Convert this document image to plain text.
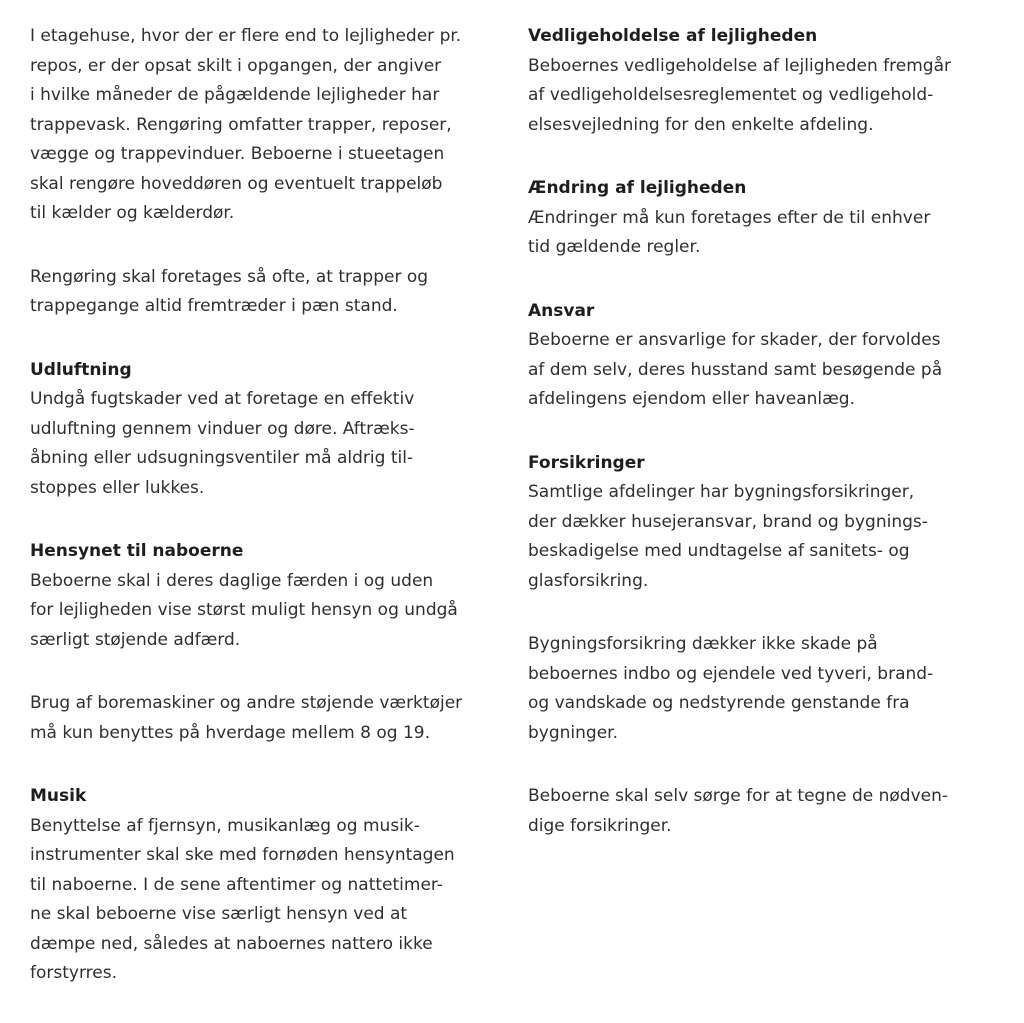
I etagehuse, hvor der er flere end to lejligheder pr.
repos, er der opsat skilt i opgangen, der angiver
i hvilke måneder de pågældende lejligheder har
trappevask. Rengøring omfatter trapper, reposer,
vægge og trappevinduer. Beboerne i stueetagen
skal rengøre hoveddøren og eventuelt trappeløb
til kælder og kælderdør.
Rengøring skal foretages så ofte, at trapper og
trappegange altid fremtræder i pæn stand.
Udluftning
Undgå fugtskader ved at foretage en effektiv
udluftning gennem vinduer og døre. Aftræks-
åbning eller udsugningsventiler må aldrig til-
stoppes eller lukkes.
Hensynet til naboerne
Beboerne skal i deres daglige færden i og uden
for lejligheden vise størst muligt hensyn og undgå
særligt støjende adfærd.
Brug af boremaskiner og andre støjende værktøjer
må kun benyttes på hverdage mellem 8 og 19.
Musik
Benyttelse af fjernsyn, musikanlæg og musik-
instrumenter skal ske med fornøden hensyntagen
til naboerne. I de sene aftentimer og nattetimer-
ne skal beboerne vise særligt hensyn ved at
dæmpe ned, således at naboernes nattero ikke
forstyrres.
Vedligeholdelse af lejligheden
Beboernes vedligeholdelse af lejligheden fremgår
af vedligeholdelsesreglementet og vedligehold-
elsesvejledning for den enkelte afdeling.
Ændring af lejligheden
Ændringer må kun foretages efter de til enhver
tid gældende regler.
Ansvar
Beboerne er ansvarlige for skader, der forvoldes
af dem selv, deres husstand samt besøgende på
afdelingens ejendom eller haveanlæg.
Forsikringer
Samtlige afdelinger har bygningsforsikringer,
der dækker husejeransvar, brand og bygnings-
beskadigelse med undtagelse af sanitets- og
glasforsikring.
Bygningsforsikring dækker ikke skade på
beboernes indbo og ejendele ved tyveri, brand-
og vandskade og nedstyrende genstande fra
bygninger.
Beboerne skal selv sørge for at tegne de nødven-
dige forsikringer.
